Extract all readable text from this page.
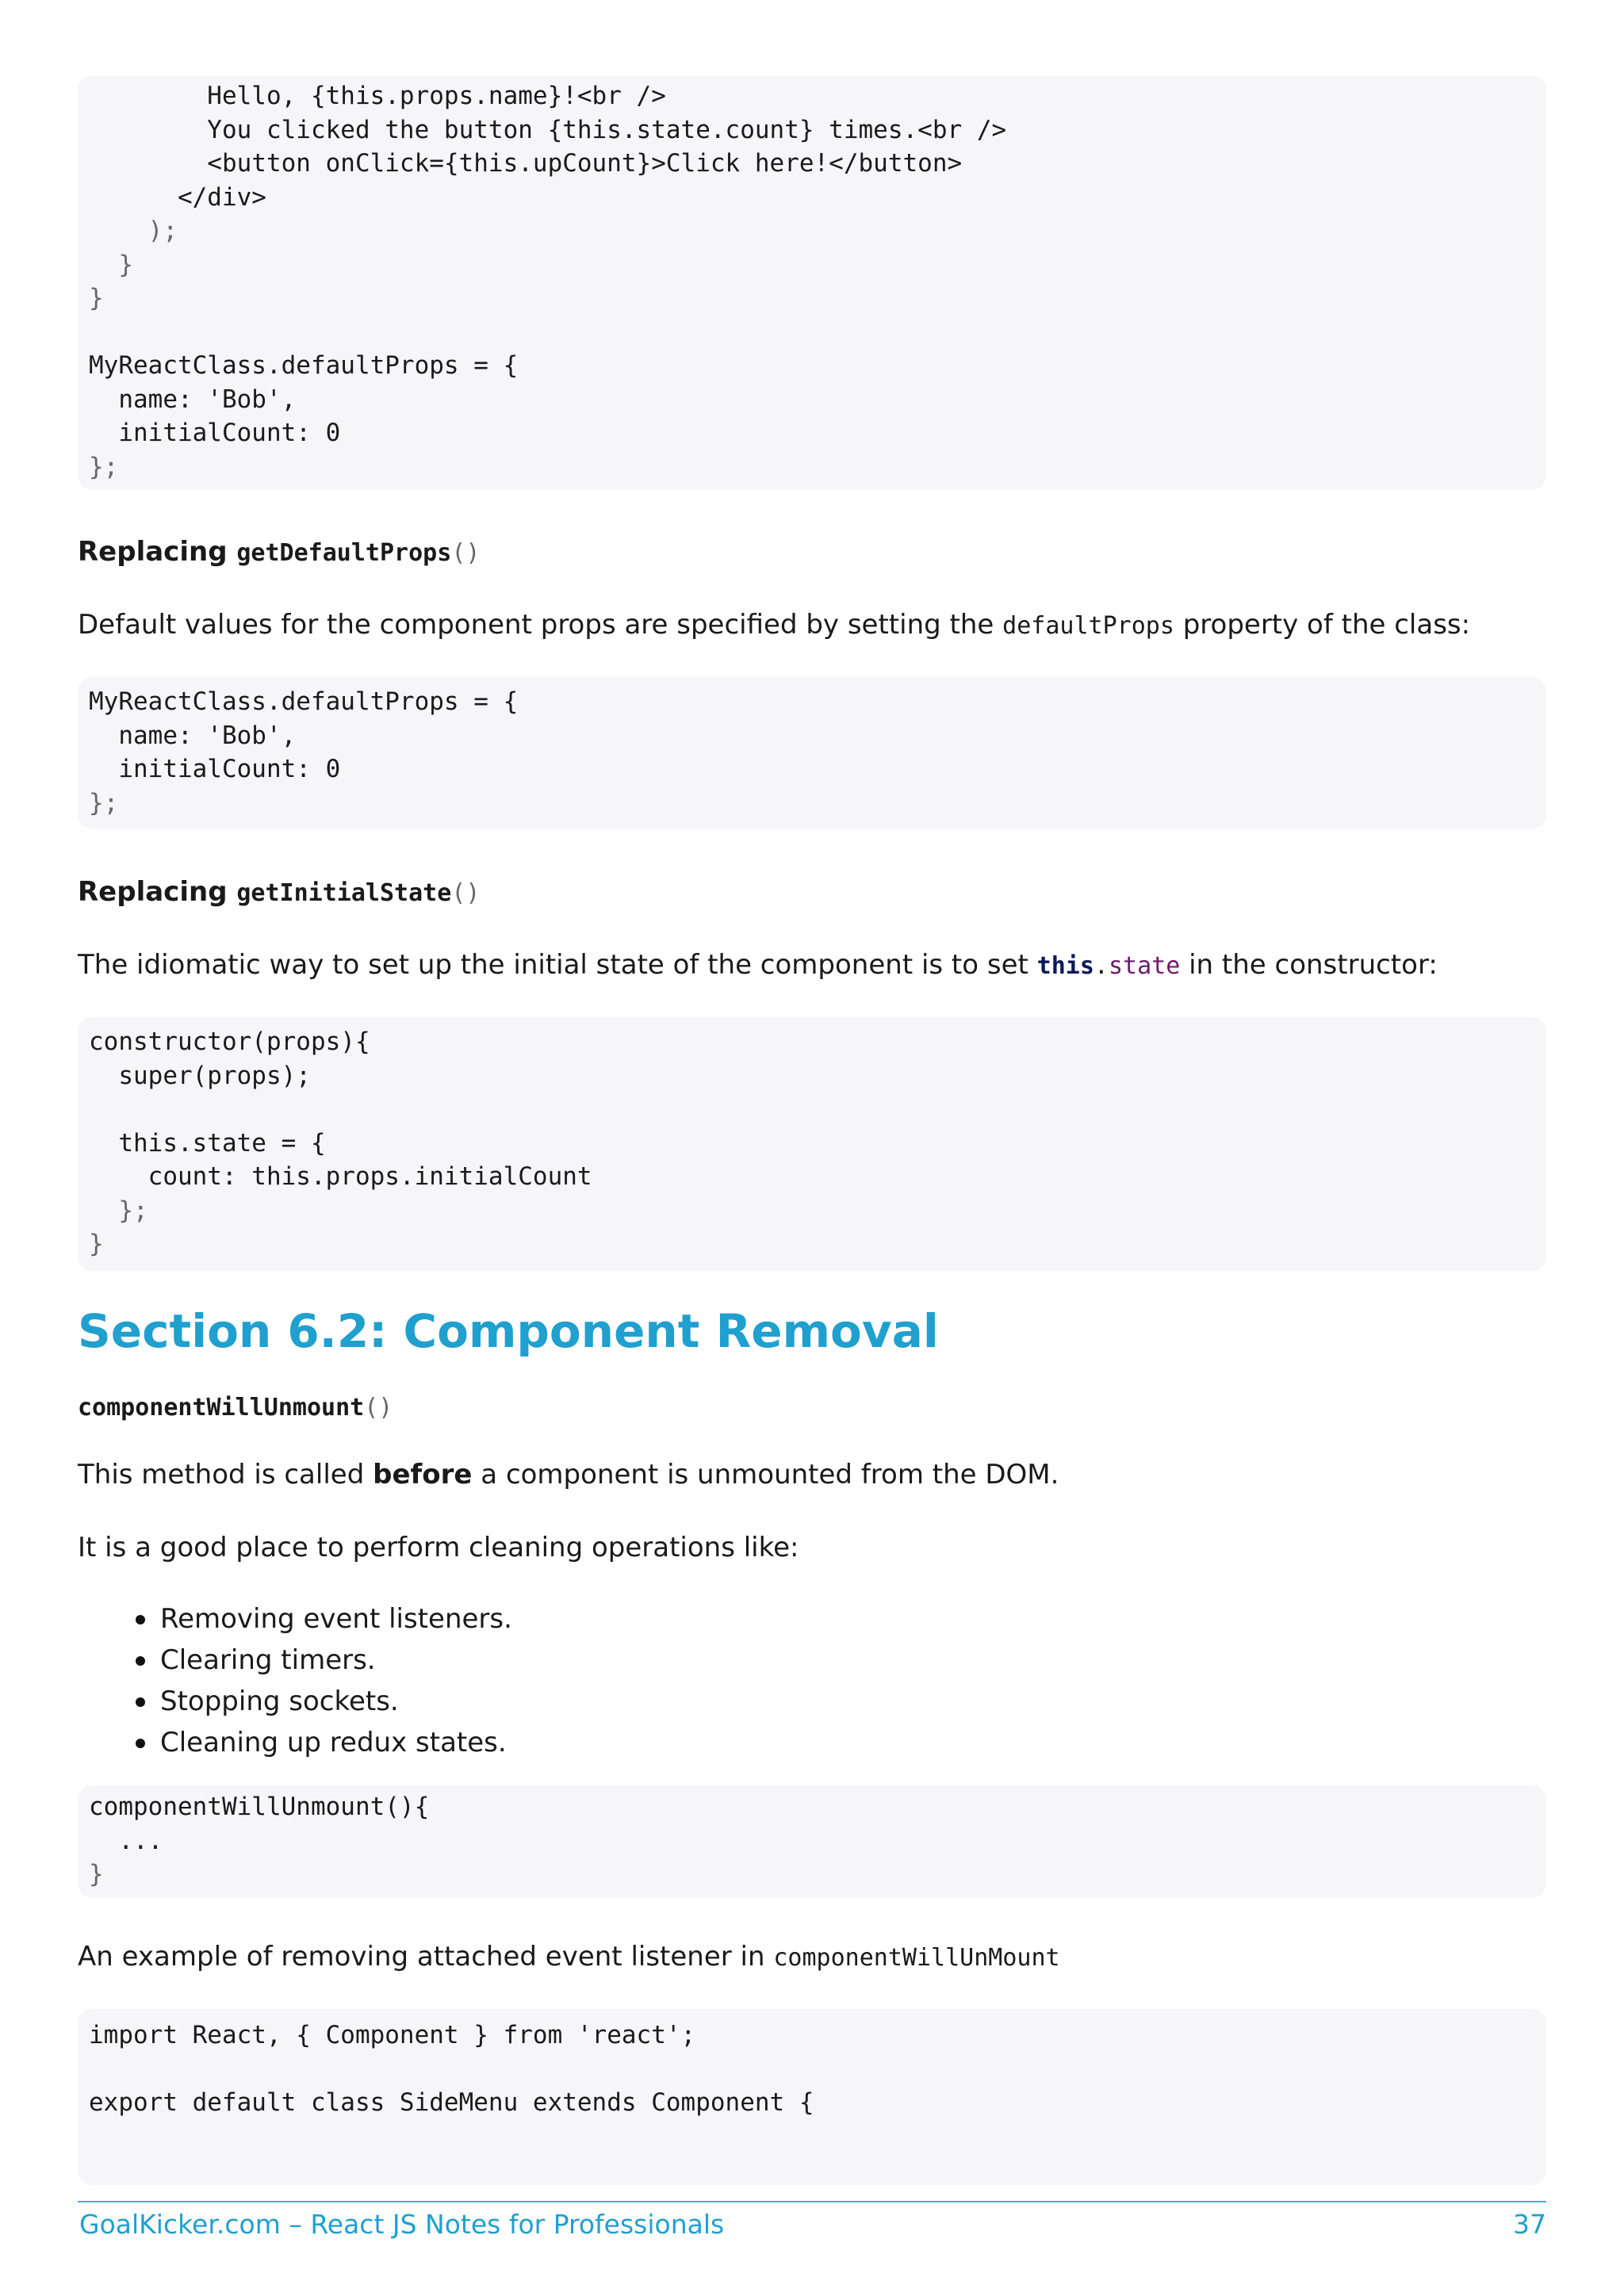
Hello, {this.props.name}!<br />
You clicked the button {this.state.count} times.<br />
<button onClick={this.upCount}>Click here!</button>
</div>
);
}
}
MyReactClass.defaultProps = {
name: 'Bob',
initialCount: 0
};
Replacing getDefaultProps()
Default values for the component props are specified by setting the defaultProps property of the class:
MyReactClass.defaultProps = {
name: 'Bob',
initialCount: 0
};
Replacing getInitialState()
The idiomatic way to set up the initial state of the component is to set this.state in the constructor:
constructor(props){
super(props);
this.state = {
count: this.props.initialCount
};
}
Section 6.2: Component Removal
componentWillUnmount()
This method is called before a component is unmounted from the DOM.
It is a good place to perform cleaning operations like:
Removing event listeners.
Clearing timers.
Stopping sockets.
Cleaning up redux states.
componentWillUnmount(){
...
}
An example of removing attached event listener in componentWillUnMount
import React, { Component } from 'react';
export default class SideMenu extends Component {
GoalKicker.com – React JS Notes for Professionals	37
